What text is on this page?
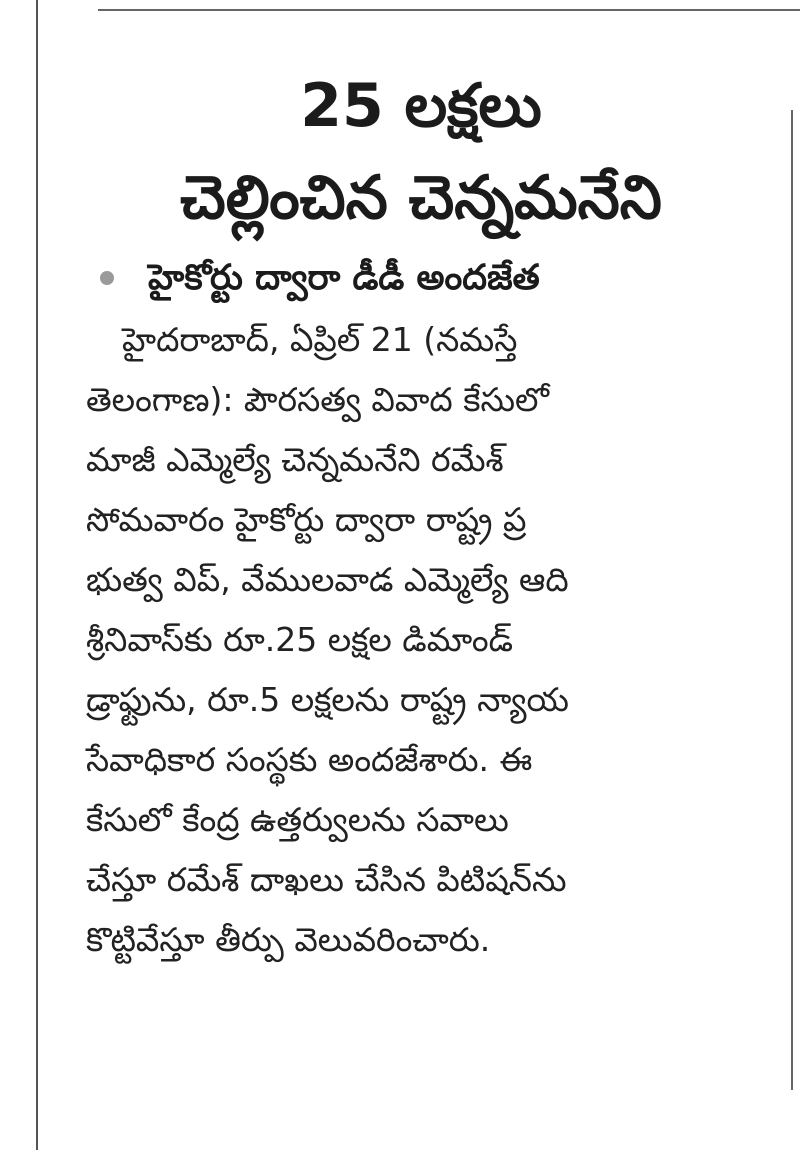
25 లక్షలు
చెల్లించిన చెన్నమనేని
హైకోర్టు ద్వారా డీడీ అందజేత

హైదరాబాద్, ఏప్రిల్ 21 (నమస్తే
తెలంగాణ): పౌరసత్వ వివాద కేసులో
మాజీ ఎమ్మెల్యే చెన్నమనేని రమేశ్
సోమవారం హైకోర్టు ద్వారా రాష్ట్ర ప్ర
భుత్వ విప్, వేములవాడ ఎమ్మెల్యే ఆది
శ్రీనివాస్‌కు రూ.25 లక్షల డిమాండ్
డ్రాఫ్టును, రూ.5 లక్షలను రాష్ట్ర న్యాయ
సేవాధికార సంస్థకు అందజేశారు. ఈ
కేసులో కేంద్ర ఉత్తర్వులను సవాలు
చేస్తూ రమేశ్ దాఖలు చేసిన పిటిషన్‌ను
కొట్టివేస్తూ తీర్పు వెలువరించారు.
